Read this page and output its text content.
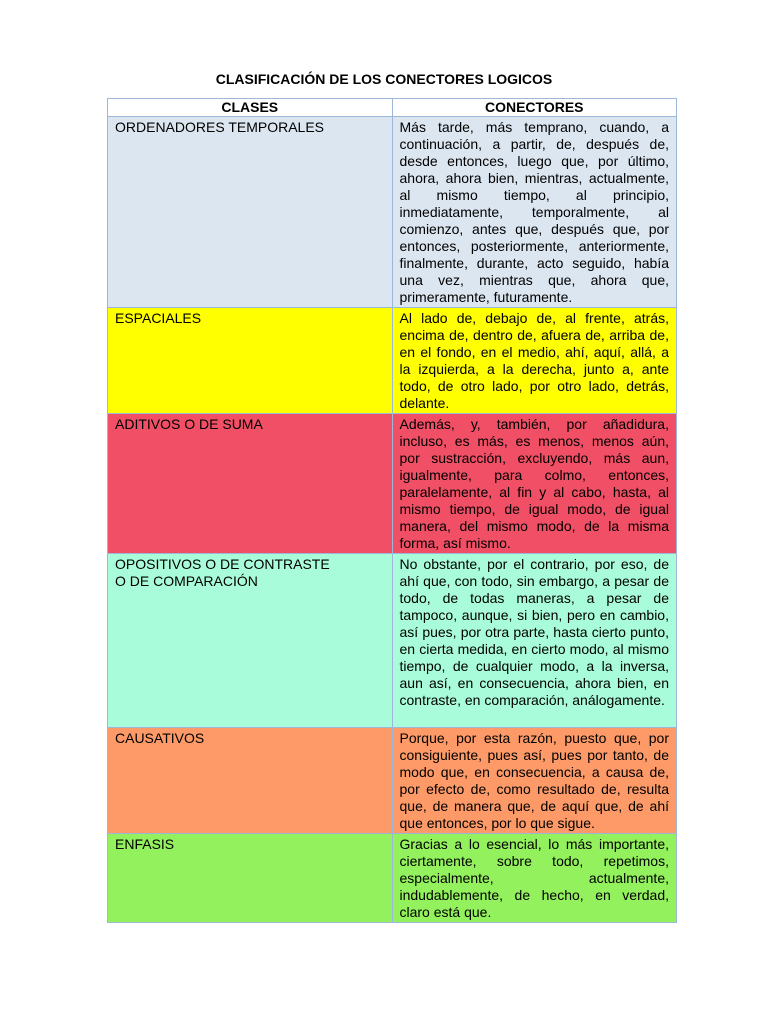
CLASIFICACIÓN DE LOS CONECTORES LOGICOS
CLASES	CONECTORES
ORDENADORES TEMPORALES	Más tarde, más temprano, cuando, a continuación, a partir, de, después de, desde entonces, luego que, por último, ahora, ahora bien, mientras, actualmente, al mismo tiempo, al principio, inmediatamente, temporalmente, al comienzo, antes que, después que, por entonces, posteriormente, anteriormente, finalmente, durante, acto seguido, había una vez, mientras que, ahora que, primeramente, futuramente.
ESPACIALES	Al lado de, debajo de, al frente, atrás, encima de, dentro de, afuera de, arriba de, en el fondo, en el medio, ahí, aquí, allá, a la izquierda, a la derecha, junto a, ante todo, de otro lado, por otro lado, detrás, delante.
ADITIVOS O DE SUMA	Además, y, también, por añadidura, incluso, es más, es menos, menos aún, por sustracción, excluyendo, más aun, igualmente, para colmo, entonces, paralelamente, al fin y al cabo, hasta, al mismo tiempo, de igual modo, de igual manera, del mismo modo, de la misma forma, así mismo.
OPOSITIVOS O DE CONTRASTE
O DE COMPARACIÓN	No obstante, por el contrario, por eso, de ahí que, con todo, sin embargo, a pesar de todo, de todas maneras, a pesar de tampoco, aunque, si bien, pero en cambio, así pues, por otra parte, hasta cierto punto, en cierta medida, en cierto modo, al mismo tiempo, de cualquier modo, a la inversa, aun así, en consecuencia, ahora bien, en contraste, en comparación, análogamente.
CAUSATIVOS	Porque, por esta razón, puesto que, por consiguiente, pues así, pues por tanto, de modo que, en consecuencia, a causa de, por efecto de, como resultado de, resulta que, de manera que, de aquí que, de ahí que entonces, por lo que sigue.
ENFASIS	Gracias a lo esencial, lo más importante, ciertamente, sobre todo, repetimos, especialmente, actualmente, indudablemente, de hecho, en verdad, claro está que.
